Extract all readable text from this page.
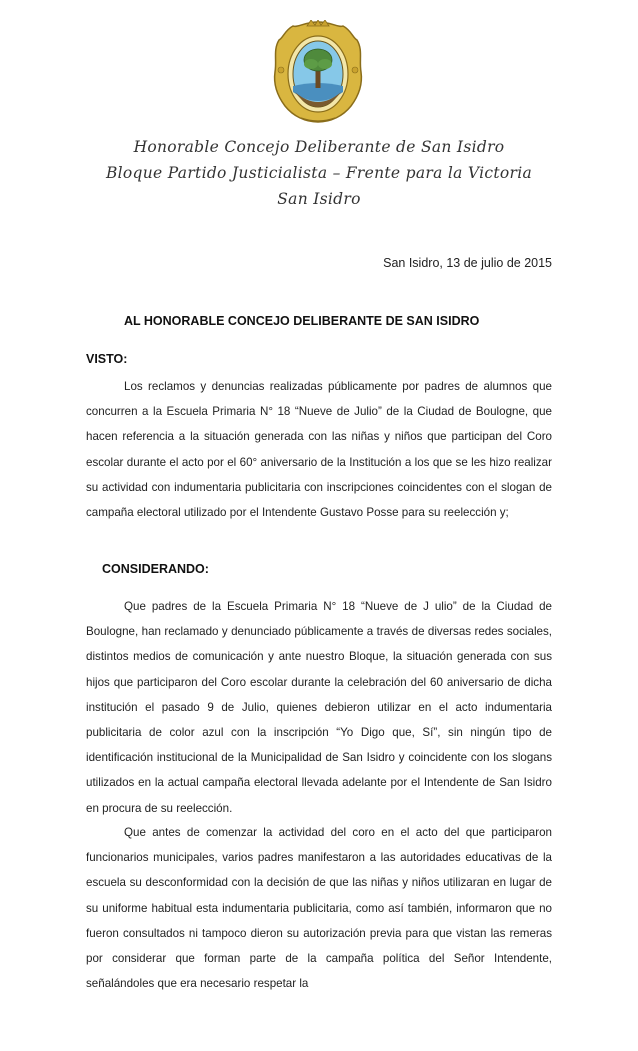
Honorable Concejo Deliberante de San Isidro
Bloque Partido Justicialista – Frente para la Victoria
San Isidro
San Isidro, 13 de julio de 2015
AL HONORABLE CONCEJO DELIBERANTE DE SAN ISIDRO
VISTO:

Los reclamos y denuncias realizadas públicamente por padres de alumnos que concurren a la Escuela Primaria N° 18 “Nueve de Julio” de la Ciudad de Boulogne, que hacen referencia a la situación generada con las niñas y niños que participan del Coro escolar durante el acto por el 60° aniversario de la Institución a los que se les hizo realizar su actividad con indumentaria publicitaria con inscripciones coincidentes con el slogan de campaña electoral utilizado por el Intendente Gustavo Posse para su reelección y;

CONSIDERANDO:

Que padres de la Escuela Primaria N° 18 “Nueve de J ulio” de la Ciudad de Boulogne, han reclamado y denunciado públicamente a través de diversas redes sociales, distintos medios de comunicación y ante nuestro Bloque, la situación generada con sus hijos que participaron del Coro escolar durante la celebración del 60 aniversario de dicha institución el pasado 9 de Julio, quienes debieron utilizar en el acto indumentaria publicitaria de color azul con la inscripción “Yo Digo que, Sí”, sin ningún tipo de identificación institucional de la Municipalidad de San Isidro y coincidente con los slogans utilizados en la actual campaña electoral llevada adelante por el Intendente de San Isidro en procura de su reelección.

Que antes de comenzar la actividad del coro en el acto del que participaron funcionarios municipales, varios padres manifestaron a las autoridades educativas de la escuela su desconformidad con la decisión de que las niñas y niños utilizaran en lugar de su uniforme habitual esta indumentaria publicitaria, como así también, informaron que no fueron consultados ni tampoco dieron su autorización previa para que vistan las remeras por considerar que forman parte de la campaña política del Señor Intendente, señalándoles que era necesario respetar la
